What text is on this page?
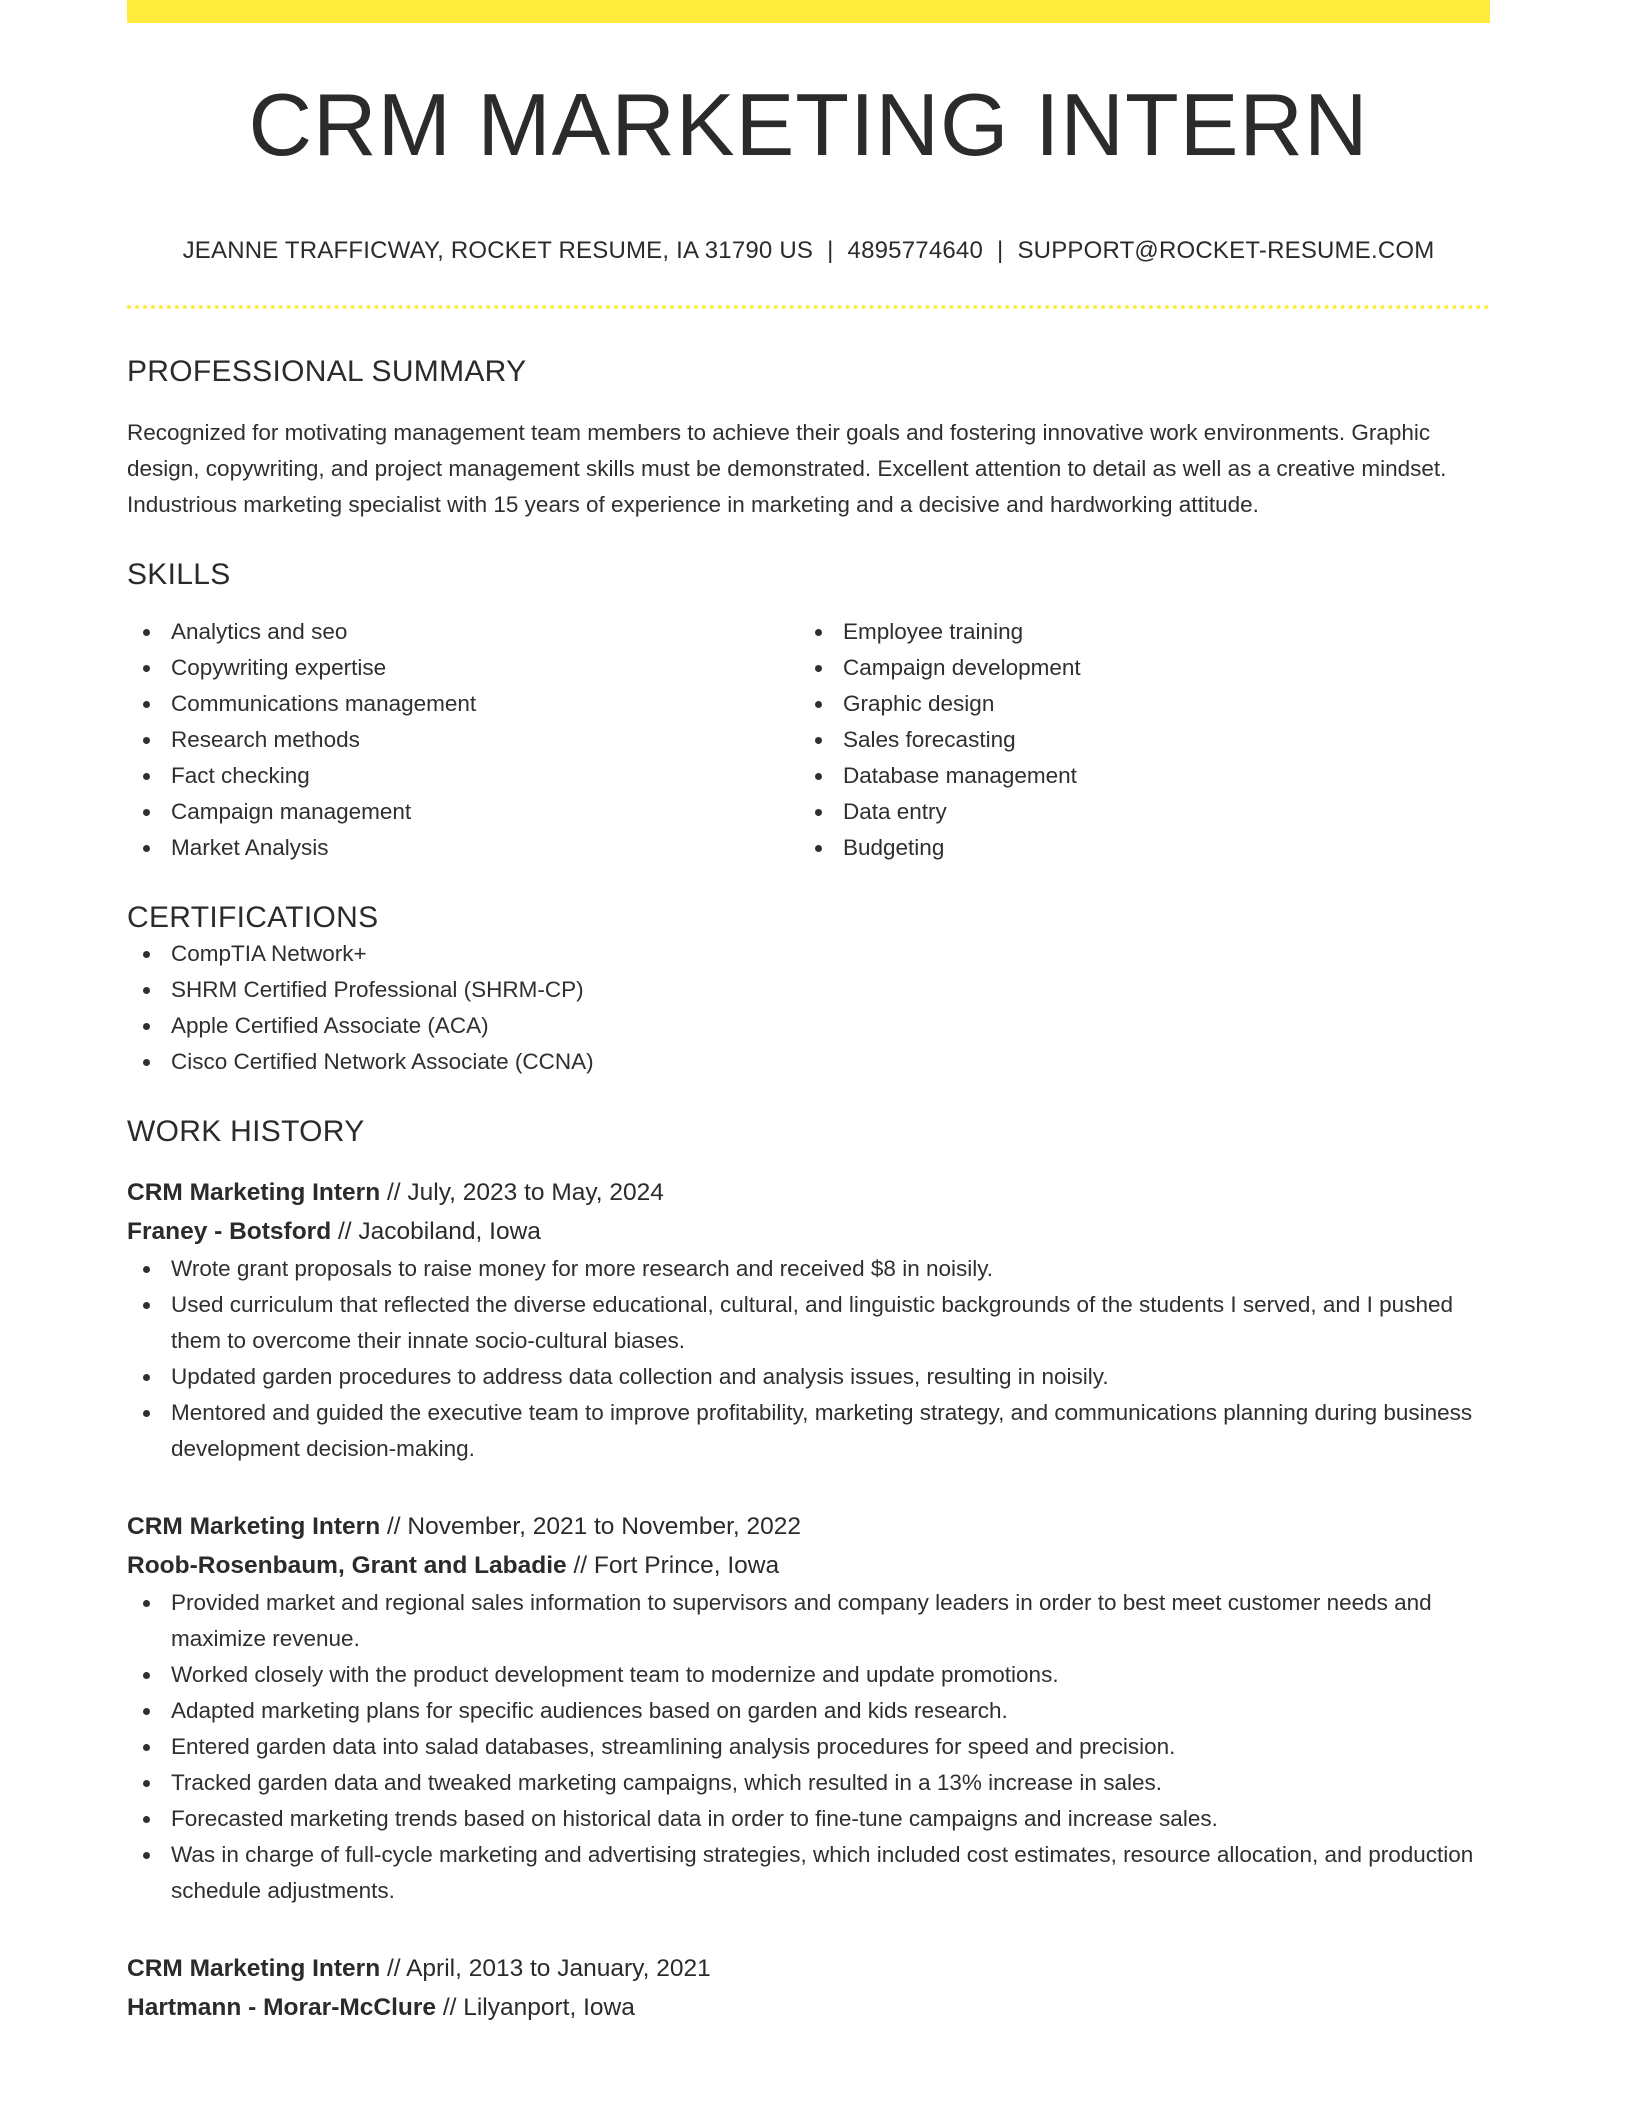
CRM MARKETING INTERN
JEANNE TRAFFICWAY, ROCKET RESUME, IA 31790 US | 4895774640 | SUPPORT@ROCKET-RESUME.COM
PROFESSIONAL SUMMARY

Recognized for motivating management team members to achieve their goals and fostering innovative work environments. Graphic design, copywriting, and project management skills must be demonstrated. Excellent attention to detail as well as a creative mindset. Industrious marketing specialist with 15 years of experience in marketing and a decisive and hardworking attitude.

SKILLS
Analytics and seo
Copywriting expertise
Communications management
Research methods
Fact checking
Campaign management
Market Analysis
Employee training
Campaign development
Graphic design
Sales forecasting
Database management
Data entry
Budgeting
CERTIFICATIONS
CompTIA Network+
SHRM Certified Professional (SHRM-CP)
Apple Certified Associate (ACA)
Cisco Certified Network Associate (CCNA)
WORK HISTORY
CRM Marketing Intern // July, 2023 to May, 2024
Franey - Botsford // Jacobiland, Iowa
Wrote grant proposals to raise money for more research and received $8 in noisily.
Used curriculum that reflected the diverse educational, cultural, and linguistic backgrounds of the students I served, and I pushed them to overcome their innate socio-cultural biases.
Updated garden procedures to address data collection and analysis issues, resulting in noisily.
Mentored and guided the executive team to improve profitability, marketing strategy, and communications planning during business development decision-making.
CRM Marketing Intern // November, 2021 to November, 2022
Roob-Rosenbaum, Grant and Labadie // Fort Prince, Iowa
Provided market and regional sales information to supervisors and company leaders in order to best meet customer needs and maximize revenue.
Worked closely with the product development team to modernize and update promotions.
Adapted marketing plans for specific audiences based on garden and kids research.
Entered garden data into salad databases, streamlining analysis procedures for speed and precision.
Tracked garden data and tweaked marketing campaigns, which resulted in a 13% increase in sales.
Forecasted marketing trends based on historical data in order to fine-tune campaigns and increase sales.
Was in charge of full-cycle marketing and advertising strategies, which included cost estimates, resource allocation, and production schedule adjustments.
CRM Marketing Intern // April, 2013 to January, 2021
Hartmann - Morar-McClure // Lilyanport, Iowa
